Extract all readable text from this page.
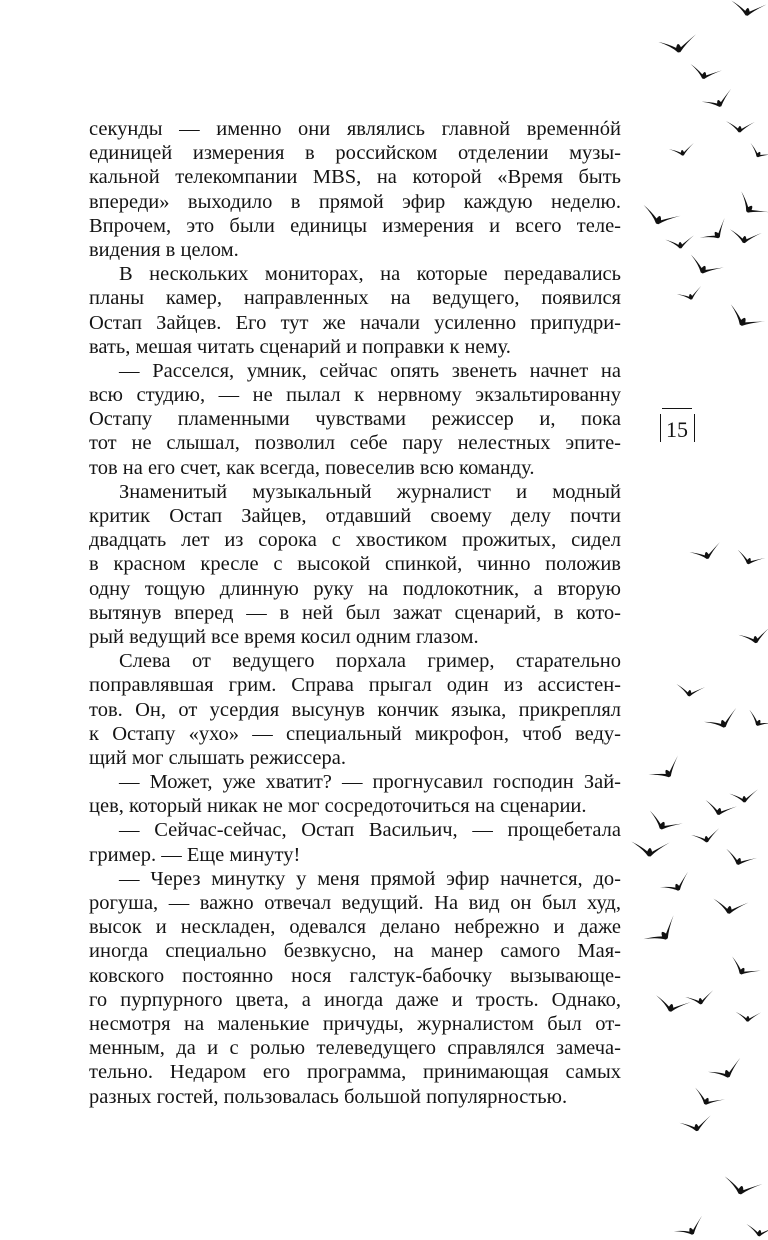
секунды — именно они являлись главной временнóй
единицей измерения в российском отделении музы-
кальной телекомпании MBS, на которой «Время быть
впереди» выходило в прямой эфир каждую неделю.
Впрочем, это были единицы измерения и всего теле-
видения в целом.
В нескольких мониторах, на которые передавались
планы камер, направленных на ведущего, появился
Остап Зайцев. Его тут же начали усиленно припудри-
вать, мешая читать сценарий и поправки к нему.
— Расселся, умник, сейчас опять звенеть начнет на
всю студию, — не пылал к нервному экзальтированну
Остапу пламенными чувствами режиссер и, пока
тот не слышал, позволил себе пару нелестных эпите-
тов на его счет, как всегда, повеселив всю команду.
Знаменитый музыкальный журналист и модный
критик Остап Зайцев, отдавший своему делу почти
двадцать лет из сорока с хвостиком прожитых, сидел
в красном кресле с высокой спинкой, чинно положив
одну тощую длинную руку на подлокотник, а вторую
вытянув вперед — в ней был зажат сценарий, в кото-
рый ведущий все время косил одним глазом.
Слева от ведущего порхала гример, старательно
поправлявшая грим. Справа прыгал один из ассистен-
тов. Он, от усердия высунув кончик языка, прикреплял
к Остапу «ухо» — специальный микрофон, чтоб веду-
щий мог слышать режиссера.
— Может, уже хватит? — прогнусавил господин Зай-
цев, который никак не мог сосредоточиться на сценарии.
— Сейчас-сейчас, Остап Васильич, — прощебетала
гример. — Еще минуту!
— Через минутку у меня прямой эфир начнется, до-
рогуша, — важно отвечал ведущий. На вид он был худ,
высок и нескладен, одевался делано небрежно и даже
иногда специально безвкусно, на манер самого Мая-
ковского постоянно нося галстук-бабочку вызывающе-
го пурпурного цвета, а иногда даже и трость. Однако,
несмотря на маленькие причуды, журналистом был от-
менным, да и с ролью телеведущего справлялся замеча-
тельно. Недаром его программа, принимающая самых
разных гостей, пользовалась большой популярностью.
15
